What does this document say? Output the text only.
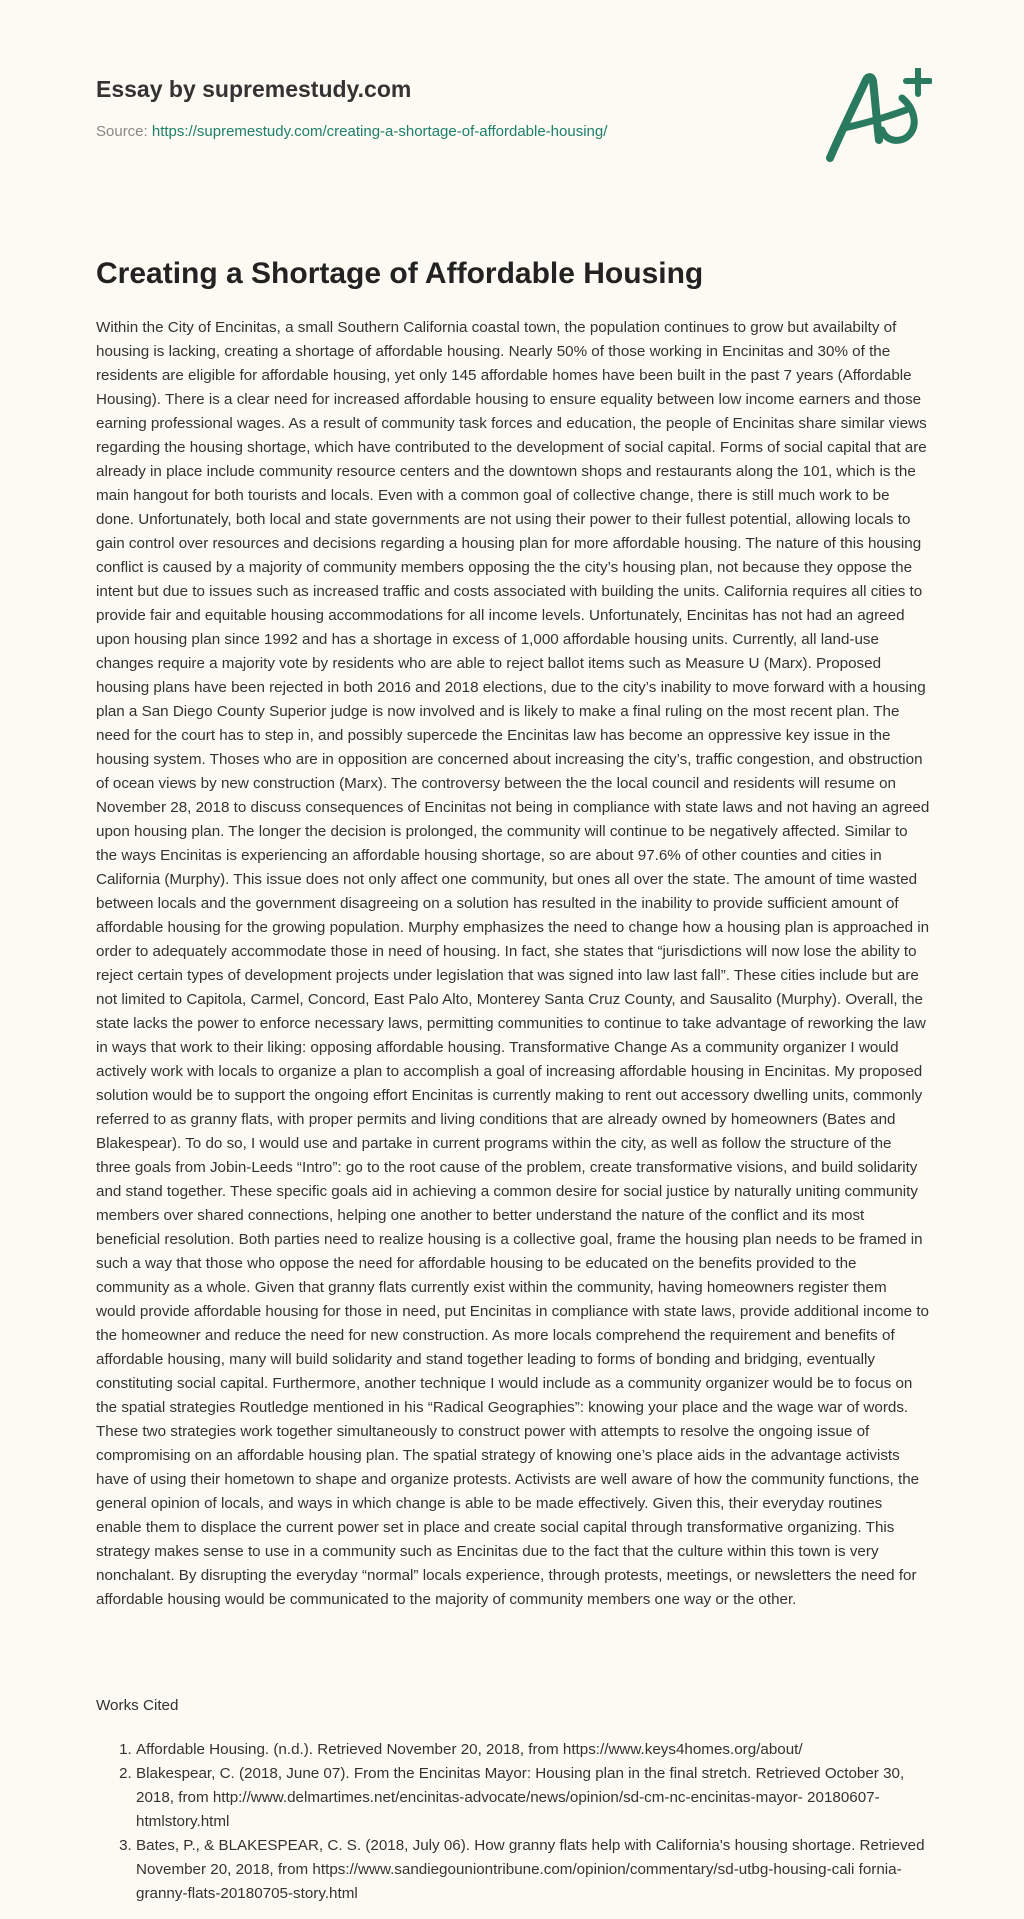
Essay by supremestudy.com
Source: https://supremestudy.com/creating-a-shortage-of-affordable-housing/
Creating a Shortage of Affordable Housing

Within the City of Encinitas, a small Southern California coastal town, the population continues to grow but availabilty of housing is lacking, creating a shortage of affordable housing. Nearly 50% of those working in Encinitas and 30% of the residents are eligible for affordable housing, yet only 145 affordable homes have been built in the past 7 years (Affordable Housing). There is a clear need for increased affordable housing to ensure equality between low income earners and those earning professional wages. As a result of community task forces and education, the people of Encinitas share similar views regarding the housing shortage, which have contributed to the development of social capital. Forms of social capital that are already in place include community resource centers and the downtown shops and restaurants along the 101, which is the main hangout for both tourists and locals. Even with a common goal of collective change, there is still much work to be done. Unfortunately, both local and state governments are not using their power to their fullest potential, allowing locals to gain control over resources and decisions regarding a housing plan for more affordable housing. The nature of this housing conflict is caused by a majority of community members opposing the the city’s housing plan, not because they oppose the intent but due to issues such as increased traffic and costs associated with building the units. California requires all cities to provide fair and equitable housing accommodations for all income levels. Unfortunately, Encinitas has not had an agreed upon housing plan since 1992 and has a shortage in excess of 1,000 affordable housing units. Currently, all land-use changes require a majority vote by residents who are able to reject ballot items such as Measure U (Marx). Proposed housing plans have been rejected in both 2016 and 2018 elections, due to the city’s inability to move forward with a housing plan a San Diego County Superior judge is now involved and is likely to make a final ruling on the most recent plan. The need for the court has to step in, and possibly supercede the Encinitas law has become an oppressive key issue in the housing system. Thoses who are in opposition are concerned about increasing the city’s, traffic congestion, and obstruction of ocean views by new construction (Marx). The controversy between the the local council and residents will resume on November 28, 2018 to discuss consequences of Encinitas not being in compliance with state laws and not having an agreed upon housing plan. The longer the decision is prolonged, the community will continue to be negatively affected. Similar to the ways Encinitas is experiencing an affordable housing shortage, so are about 97.6% of other counties and cities in California (Murphy). This issue does not only affect one community, but ones all over the state. The amount of time wasted between locals and the government disagreeing on a solution has resulted in the inability to provide sufficient amount of affordable housing for the growing population. Murphy emphasizes the need to change how a housing plan is approached in order to adequately accommodate those in need of housing. In fact, she states that “jurisdictions will now lose the ability to reject certain types of development projects under legislation that was signed into law last fall”. These cities include but are not limited to Capitola, Carmel, Concord, East Palo Alto, Monterey Santa Cruz County, and Sausalito (Murphy). Overall, the state lacks the power to enforce necessary laws, permitting communities to continue to take advantage of reworking the law in ways that work to their liking: opposing affordable housing. Transformative Change As a community organizer I would actively work with locals to organize a plan to accomplish a goal of increasing affordable housing in Encinitas. My proposed solution would be to support the ongoing effort Encinitas is currently making to rent out accessory dwelling units, commonly referred to as granny flats, with proper permits and living conditions that are already owned by homeowners (Bates and Blakespear). To do so, I would use and partake in current programs within the city, as well as follow the structure of the three goals from Jobin-Leeds “Intro”: go to the root cause of the problem, create transformative visions, and build solidarity and stand together. These specific goals aid in achieving a common desire for social justice by naturally uniting community members over shared connections, helping one another to better understand the nature of the conflict and its most beneficial resolution. Both parties need to realize housing is a collective goal, frame the housing plan needs to be framed in such a way that those who oppose the need for affordable housing to be educated on the benefits provided to the community as a whole. Given that granny flats currently exist within the community, having homeowners register them would provide affordable housing for those in need, put Encinitas in compliance with state laws, provide additional income to the homeowner and reduce the need for new construction. As more locals comprehend the requirement and benefits of affordable housing, many will build solidarity and stand together leading to forms of bonding and bridging, eventually constituting social capital. Furthermore, another technique I would include as a community organizer would be to focus on the spatial strategies Routledge mentioned in his “Radical Geographies”: knowing your place and the wage war of words. These two strategies work together simultaneously to construct power with attempts to resolve the ongoing issue of compromising on an affordable housing plan. The spatial strategy of knowing one’s place aids in the advantage activists have of using their hometown to shape and organize protests. Activists are well aware of how the community functions, the general opinion of locals, and ways in which change is able to be made effectively. Given this, their everyday routines enable them to displace the current power set in place and create social capital through transformative organizing. This strategy makes sense to use in a community such as Encinitas due to the fact that the culture within this town is very nonchalant. By disrupting the everyday “normal” locals experience, through protests, meetings, or newsletters the need for affordable housing would be communicated to the majority of community members one way or the other.

Works Cited

1. Affordable Housing. (n.d.). Retrieved November 20, 2018, from https://www.keys4homes.org/about/
2. Blakespear, C. (2018, June 07). From the Encinitas Mayor: Housing plan in the final stretch. Retrieved October 30, 2018, from http://www.delmartimes.net/encinitas-advocate/news/opinion/sd-cm-nc-encinitas-mayor- 20180607-htmlstory.html
3. Bates, P., & BLAKESPEAR, C. S. (2018, July 06). How granny flats help with California's housing shortage. Retrieved November 20, 2018, from https://www.sandiegouniontribune.com/opinion/commentary/sd-utbg-housing-cali fornia-granny-flats-20180705-story.html
